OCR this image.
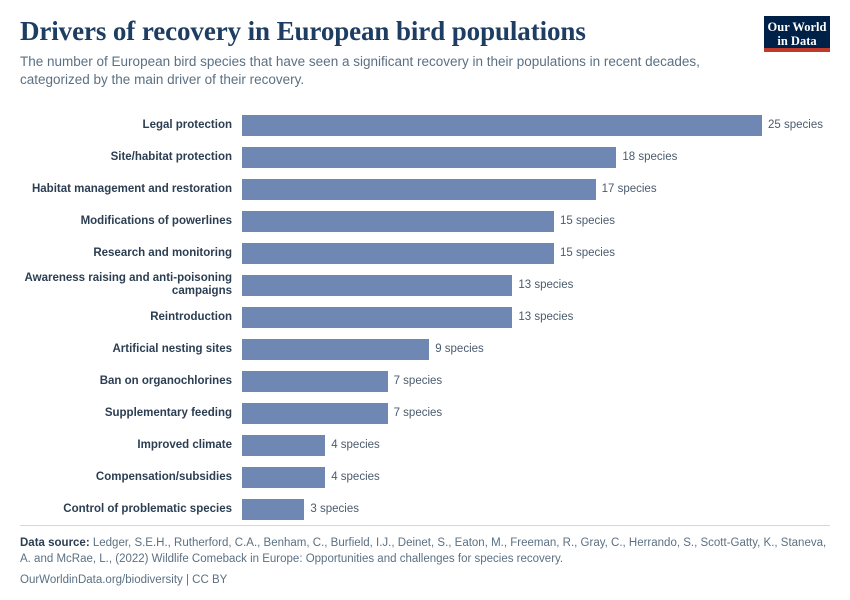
Drivers of recovery in European bird populations

The number of European bird species that have seen a significant recovery in their populations in recent decades, categorized by the main driver of their recovery.

Our World
in Data
Legal protection	25 species
Site/habitat protection	18 species
Habitat management and restoration	17 species
Modifications of powerlines	15 species
Research and monitoring	15 species
Awareness raising and anti-poisoning campaigns	13 species
Reintroduction	13 species
Artificial nesting sites	9 species
Ban on organochlorines	7 species
Supplementary feeding	7 species
Improved climate	4 species
Compensation/subsidies	4 species
Control of problematic species	3 species

Data source: Ledger, S.E.H., Rutherford, C.A., Benham, C., Burfield, I.J., Deinet, S., Eaton, M., Freeman, R., Gray, C., Herrando, S., Scott-Gatty, K., Staneva, A. and McRae, L., (2022) Wildlife Comeback in Europe: Opportunities and challenges for species recovery.

OurWorldinData.org/biodiversity | CC BY
